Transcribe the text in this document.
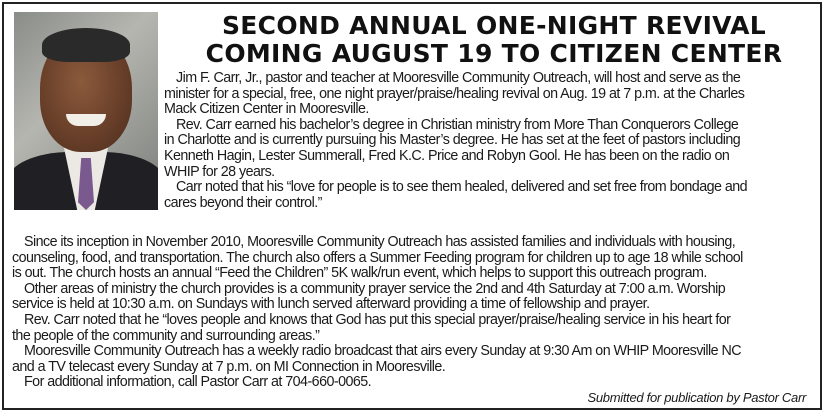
SECOND ANNUAL ONE-NIGHT REVIVAL
COMING AUGUST 19 TO CITIZEN CENTER
Jim F. Carr, Jr., pastor and teacher at Mooresville Community Outreach, will host and serve as the
minister for a special, free, one night prayer/praise/healing revival on Aug. 19 at 7 p.m. at the Charles
Mack Citizen Center in Mooresville.
Rev. Carr earned his bachelor’s degree in Christian ministry from More Than Conquerors College
in Charlotte and is currently pursuing his Master’s degree. He has set at the feet of pastors including
Kenneth Hagin, Lester Summerall, Fred K.C. Price and Robyn Gool. He has been on the radio on
WHIP for 28 years.
Carr noted that his “love for people is to see them healed, delivered and set free from bondage and
cares beyond their control.”
Since its inception in November 2010, Mooresville Community Outreach has assisted families and individuals with housing,
counseling, food, and transportation. The church also offers a Summer Feeding program for children up to age 18 while school
is out. The church hosts an annual “Feed the Children” 5K walk/run event, which helps to support this outreach program.
Other areas of ministry the church provides is a community prayer service the 2nd and 4th Saturday at 7:00 a.m. Worship
service is held at 10:30 a.m. on Sundays with lunch served afterward providing a time of fellowship and prayer.
Rev. Carr noted that he “loves people and knows that God has put this special prayer/praise/healing service in his heart for
the people of the community and surrounding areas.”
Mooresville Community Outreach has a weekly radio broadcast that airs every Sunday at 9:30 Am on WHIP Mooresville NC
and a TV telecast every Sunday at 7 p.m. on MI Connection in Mooresville.
For additional information, call Pastor Carr at 704-660-0065.
Submitted for publication by Pastor Carr
